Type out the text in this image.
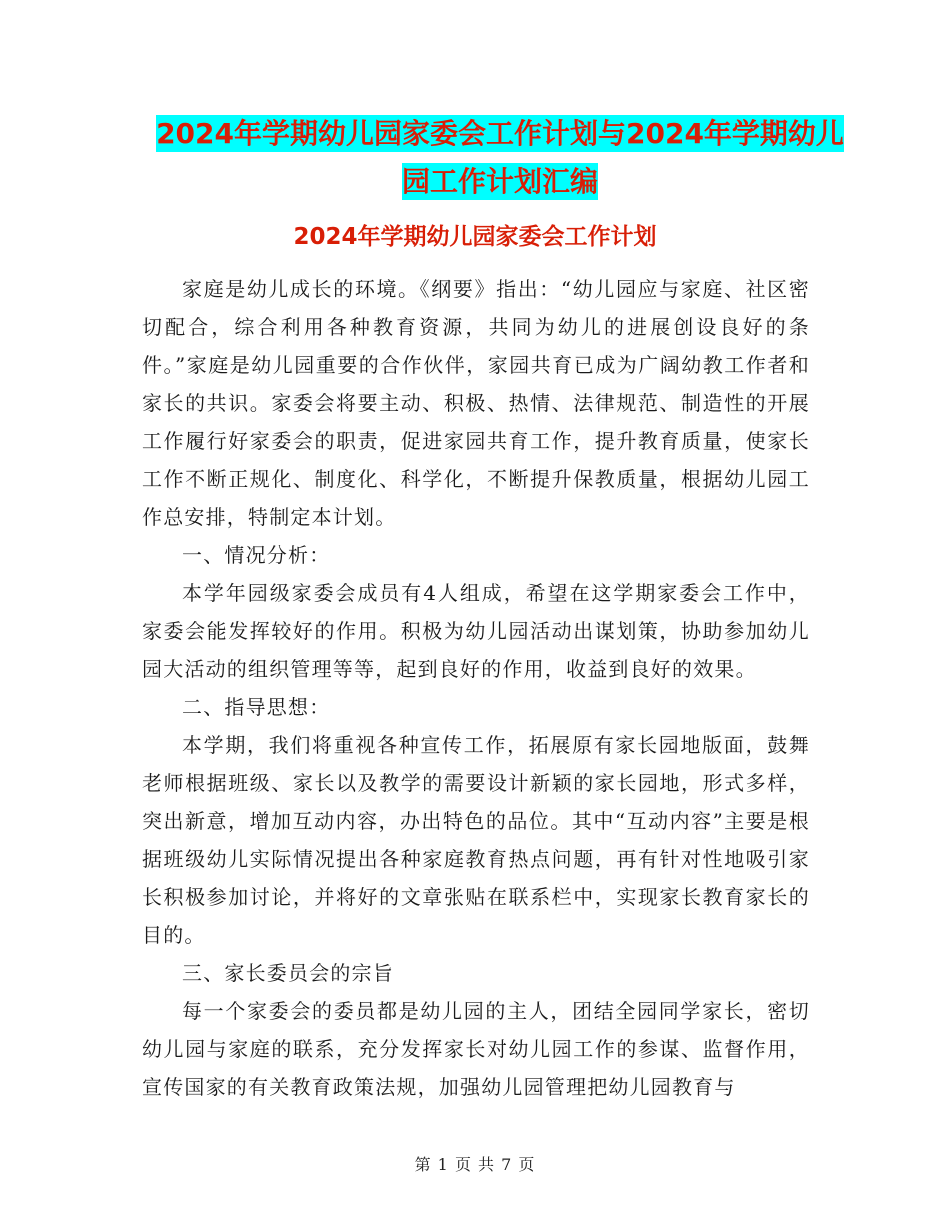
2024年学期幼儿园家委会工作计划与2024年学期幼儿
园工作计划汇编
2024年学期幼儿园家委会工作计划

家庭是幼儿成长的环境。《纲要》指出：“幼儿园应与家庭、社区密切配合，综合利用各种教育资源，共同为幼儿的进展创设良好的条件。”家庭是幼儿园重要的合作伙伴，家园共育已成为广阔幼教工作者和家长的共识。家委会将要主动、积极、热情、法律规范、制造性的开展工作履行好家委会的职责，促进家园共育工作，提升教育质量，使家长工作不断正规化、制度化、科学化，不断提升保教质量，根据幼儿园工作总安排，特制定本计划。

一、情况分析：

本学年园级家委会成员有4人组成，希望在这学期家委会工作中，家委会能发挥较好的作用。积极为幼儿园活动出谋划策，协助参加幼儿园大活动的组织管理等等，起到良好的作用，收益到良好的效果。

二、指导思想：

本学期，我们将重视各种宣传工作，拓展原有家长园地版面，鼓舞老师根据班级、家长以及教学的需要设计新颖的家长园地，形式多样，突出新意，增加互动内容，办出特色的品位。其中“互动内容”主要是根据班级幼儿实际情况提出各种家庭教育热点问题，再有针对性地吸引家长积极参加讨论，并将好的文章张贴在联系栏中，实现家长教育家长的目的。

三、家长委员会的宗旨

每一个家委会的委员都是幼儿园的主人，团结全园同学家长，密切幼儿园与家庭的联系，充分发挥家长对幼儿园工作的参谋、监督作用，宣传国家的有关教育政策法规，加强幼儿园管理把幼儿园教育与

第 1 页 共 7 页
